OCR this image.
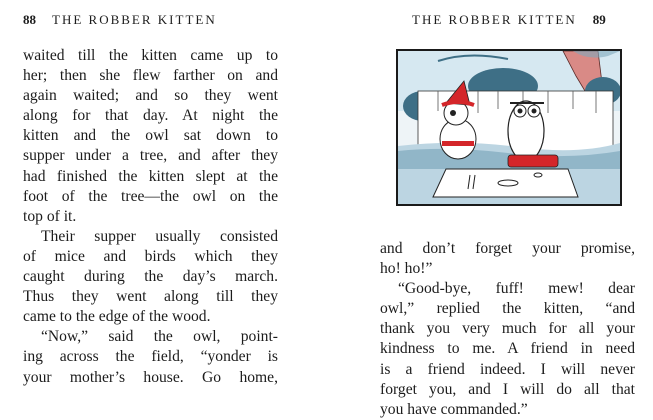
88 THE ROBBER KITTEN
waited till the kitten came up to
her; then she flew farther on and
again waited; and so they went
along for that day. At night the
kitten and the owl sat down to
supper under a tree, and after they
had finished the kitten slept at the
foot of the tree—the owl on the
top of it.
Their supper usually consisted
of mice and birds which they
caught during the day’s march.
Thus they went along till they
came to the edge of the wood.
“Now,” said the owl, point-
ing across the field, “yonder is
your mother’s house. Go home,
THE ROBBER KITTEN 89
and don’t forget your promise,
ho! ho!”
“Good-bye, fuff! mew! dear
owl,” replied the kitten, “and
thank you very much for all your
kindness to me. A friend in need
is a friend indeed. I will never
forget you, and I will do all that
you have commanded.”
